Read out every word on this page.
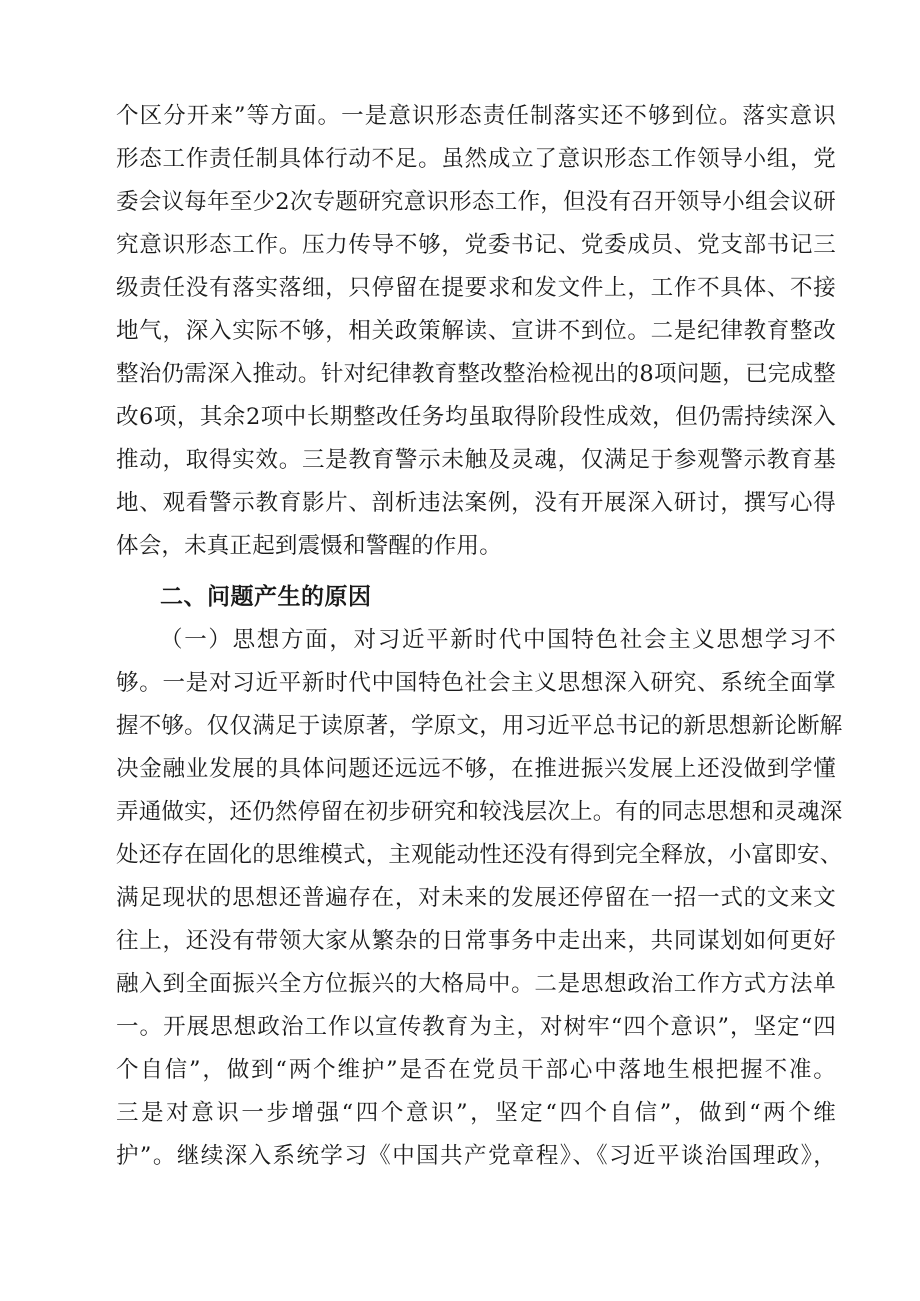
个区分开来”等方面。一是意识形态责任制落实还不够到位。落实意识
形态工作责任制具体行动不足。虽然成立了意识形态工作领导小组，党
委会议每年至少2次专题研究意识形态工作，但没有召开领导小组会议研
究意识形态工作。压力传导不够，党委书记、党委成员、党支部书记三
级责任没有落实落细，只停留在提要求和发文件上，工作不具体、不接
地气，深入实际不够，相关政策解读、宣讲不到位。二是纪律教育整改
整治仍需深入推动。针对纪律教育整改整治检视出的8项问题，已完成整
改6项，其余2项中长期整改任务均虽取得阶段性成效，但仍需持续深入
推动，取得实效。三是教育警示未触及灵魂，仅满足于参观警示教育基
地、观看警示教育影片、剖析违法案例，没有开展深入研讨，撰写心得
体会，未真正起到震慑和警醒的作用。
二、问题产生的原因
（一）思想方面，对习近平新时代中国特色社会主义思想学习不
够。一是对习近平新时代中国特色社会主义思想深入研究、系统全面掌
握不够。仅仅满足于读原著，学原文，用习近平总书记的新思想新论断解
决金融业发展的具体问题还远远不够，在推进振兴发展上还没做到学懂
弄通做实，还仍然停留在初步研究和较浅层次上。有的同志思想和灵魂深
处还存在固化的思维模式，主观能动性还没有得到完全释放，小富即安、
满足现状的思想还普遍存在，对未来的发展还停留在一招一式的文来文
往上，还没有带领大家从繁杂的日常事务中走出来，共同谋划如何更好
融入到全面振兴全方位振兴的大格局中。二是思想政治工作方式方法单
一。开展思想政治工作以宣传教育为主，对树牢“四个意识”，坚定“四
个自信”，做到“两个维护”是否在党员干部心中落地生根把握不准。
三是对意识一步增强“四个意识”，坚定“四个自信”，做到“两个维
护”。继续深入系统学习《中国共产党章程》、《习近平谈治国理政》，
